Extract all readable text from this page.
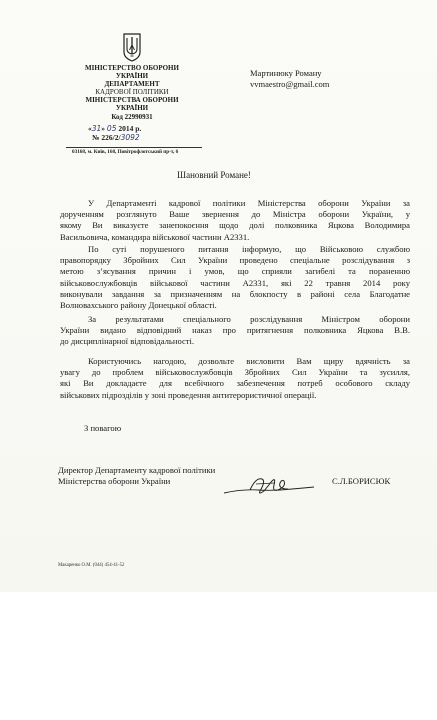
МІНІСТЕРСТВО ОБОРОНИ
УКРАЇНИ
ДЕПАРТАМЕНТ
КАДРОВОЇ ПОЛІТИКИ
МІНІСТЕРСТВА ОБОРОНИ
УКРАЇНИ
Код 22990931
«31» 05 2014 р.
№ 226/2/3092
03168, м. Київ, 168, Повітрофлотський пр-т, 6
Мартинюку Роману
vvmaestro@gmail.com
Шановний Романе!
У Департаменті кадрової політики Міністерства оборони України за
дорученням розглянуто Ваше звернення до Міністра оборони України, у
якому Ви виказуєте занепокоєння щодо долі полковника Яцкова Володимира
Васильовича, командира військової частини А2331.
По суті порушеного питання інформую, що Військовою службою
правопорядку Збройних Сил України проведено спеціальне розслідування з
метою з’ясування причин і умов, що сприяли загибелі та пораненню
військовослужбовців військової частини А2331, які 22 травня 2014 року
виконували завдання за призначенням на блокпосту в районі села Благодатне
Волновахського району Донецької області.
За результатами спеціального розслідування Міністром оборони
України видано відповідний наказ про притягнення полковника Яцкова В.В.
до дисциплінарної відповідальності.
Користуючись нагодою, дозвольте висловити Вам щиру вдячність за
увагу до проблем військовослужбовців Збройних Сил України та зусилля,
які Ви докладаєте для всебічного забезпечення потреб особового складу
військових підрозділів у зоні проведення антитерористичної операції.
З повагою
Директор Департаменту кадрової політики
Міністерства оборони України	С.Л.БОРИСЮК
Макаренко О.М. (044) 454-41-52
